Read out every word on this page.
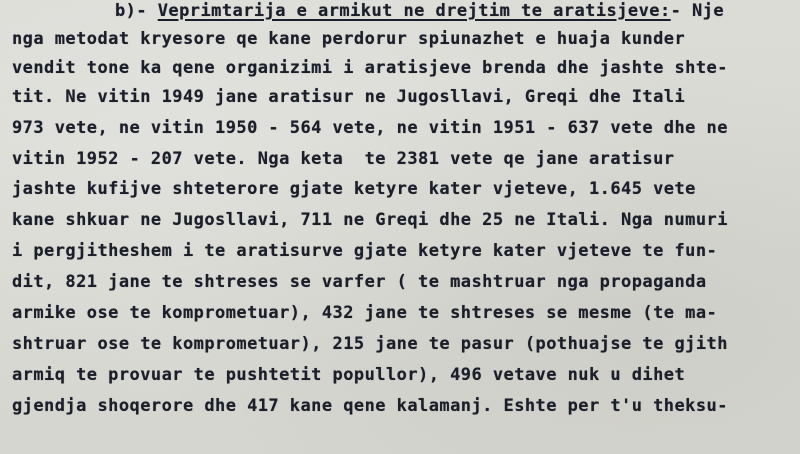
b)- Veprimtarija e armikut ne drejtim te aratisjeve:- Nje
nga metodat kryesore qe kane perdorur spiunazhet e huaja kunder
vendit tone ka qene organizimi i aratisjeve brenda dhe jashte shte-
tit. Ne vitin 1949 jane aratisur ne Jugosllavi, Greqi dhe Itali
973 vete, ne vitin 1950 - 564 vete, ne vitin 1951 - 637 vete dhe ne
vitin 1952 - 207 vete. Nga keta  te 2381 vete qe jane aratisur
jashte kufijve shteterore gjate ketyre kater vjeteve, 1.645 vete
kane shkuar ne Jugosllavi, 711 ne Greqi dhe 25 ne Itali. Nga numuri
i pergjitheshem i te aratisurve gjate ketyre kater vjeteve te fun-
dit, 821 jane te shtreses se varfer ( te mashtruar nga propaganda
armike ose te komprometuar), 432 jane te shtreses se mesme (te ma-
shtruar ose te komprometuar), 215 jane te pasur (pothuajse te gjith
armiq te provuar te pushtetit popullor), 496 vetave nuk u dihet
gjendja shoqerore dhe 417 kane qene kalamanj. Eshte per t'u theksu-
